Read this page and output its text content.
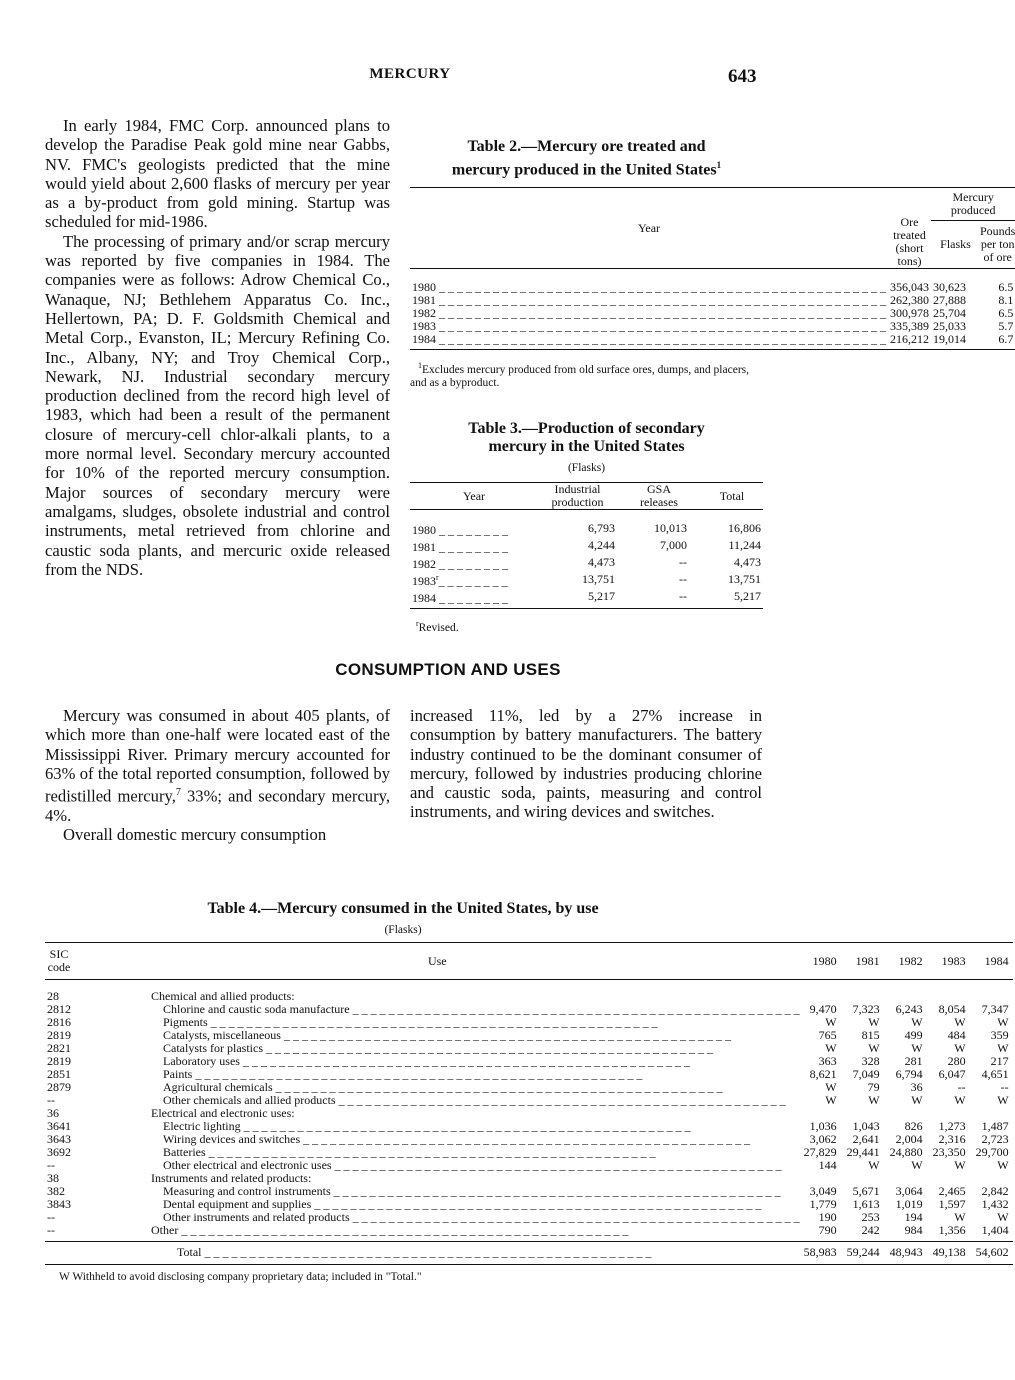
MERCURY	643

In early 1984, FMC Corp. announced plans to develop the Paradise Peak gold mine near Gabbs, NV. FMC's geologists predicted that the mine would yield about 2,600 flasks of mercury per year as a by-product from gold mining. Startup was scheduled for mid-1986.

The processing of primary and/or scrap mercury was reported by five companies in 1984. The companies were as follows: Adrow Chemical Co., Wanaque, NJ; Bethlehem Apparatus Co. Inc., Hellertown, PA; D. F. Goldsmith Chemical and Metal Corp., Evanston, IL; Mercury Refining Co. Inc., Albany, NY; and Troy Chemical Corp., Newark, NJ. Industrial secondary mercury production declined from the record high level of 1983, which had been a result of the permanent closure of mercury-cell chlor-alkali plants, to a more normal level. Secondary mercury accounted for 10% of the reported mercury consumption. Major sources of secondary mercury were amalgams, sludges, obsolete industrial and control instruments, metal retrieved from chlorine and caustic soda plants, and mercuric oxide released from the NDS.

Table 2.—Mercury ore treated and
mercury produced in the United States$^1$
Year	Ore
treated
(short
tons)	Mercury produced	
		Flasks	Pounds
per ton
of ore

1980 _ _ _	356,043	30,623	6.5
1981 _ _ _	262,380	27,888	8.1
1982 _ _ _	300,978	25,704	6.5
1983 _ _ _	335,389	25,033	5.7
1984 _ _ _	216,212	19,014	6.7

$^1$Excludes mercury produced from old surface ores, dumps, and placers, and as a byproduct.
Table 3.—Production of secondary
mercury in the United States
(Flasks)
Year	Industrial
production	GSA
releases	Total

1980 _ _ _ _ _ _ _ _	6,793	10,013	16,806
1981 _ _ _ _ _ _ _ _	4,244	7,000	11,244
1982 _ _ _ _ _ _ _ _	4,473	--	4,473
1983$^r$_ _ _ _ _ _ _ _	13,751	--	13,751
1984 _ _ _ _ _ _ _ _	5,217	--	5,217

$^r$Revised.
CONSUMPTION AND USES

Mercury was consumed in about 405 plants, of which more than one-half were located east of the Mississippi River. Primary mercury accounted for 63% of the total reported consumption, followed by redistilled mercury,$^7$ 33%; and secondary mercury, 4%.

Overall domestic mercury consumption

increased 11%, led by a 27% increase in consumption by battery manufacturers. The battery industry continued to be the dominant consumer of mercury, followed by industries producing chlorine and caustic soda, paints, measuring and control instruments, and wiring devices and switches.

Table 4.—Mercury consumed in the United States, by use
(Flasks)
SIC
code	Use	1980	1981	1982	1983	1984

28	Chemical and allied products:					
2812	Chlorine and caustic soda manufacture _ _ _	9,470	7,323	6,243	8,054	7,347
2816	Pigments _ _ _	W	W	W	W	W
2819	Catalysts, miscellaneous _ _ _	765	815	499	484	359
2821	Catalysts for plastics _ _ _	W	W	W	W	W
2819	Laboratory uses _ _ _	363	328	281	280	217
2851	Paints _ _ _	8,621	7,049	6,794	6,047	4,651
2879	Agricultural chemicals _ _ _	W	79	36	--	--
--	Other chemicals and allied products _ _ _	W	W	W	W	W
36	Electrical and electronic uses:					
3641	Electric lighting _ _ _	1,036	1,043	826	1,273	1,487
3643	Wiring devices and switches _ _ _	3,062	2,641	2,004	2,316	2,723
3692	Batteries _ _ _	27,829	29,441	24,880	23,350	29,700
--	Other electrical and electronic uses _ _ _	144	W	W	W	W
38	Instruments and related products:					
382	Measuring and control instruments _ _ _	3,049	5,671	3,064	2,465	2,842
3843	Dental equipment and supplies _ _ _	1,779	1,613	1,019	1,597	1,432
--	Other instruments and related products _ _ _	190	253	194	W	W
--	Other _ _ _	790	242	984	1,356	1,404

	Total _ _ _	58,983	59,244	48,943	49,138	54,602

W Withheld to avoid disclosing company proprietary data; included in "Total."
